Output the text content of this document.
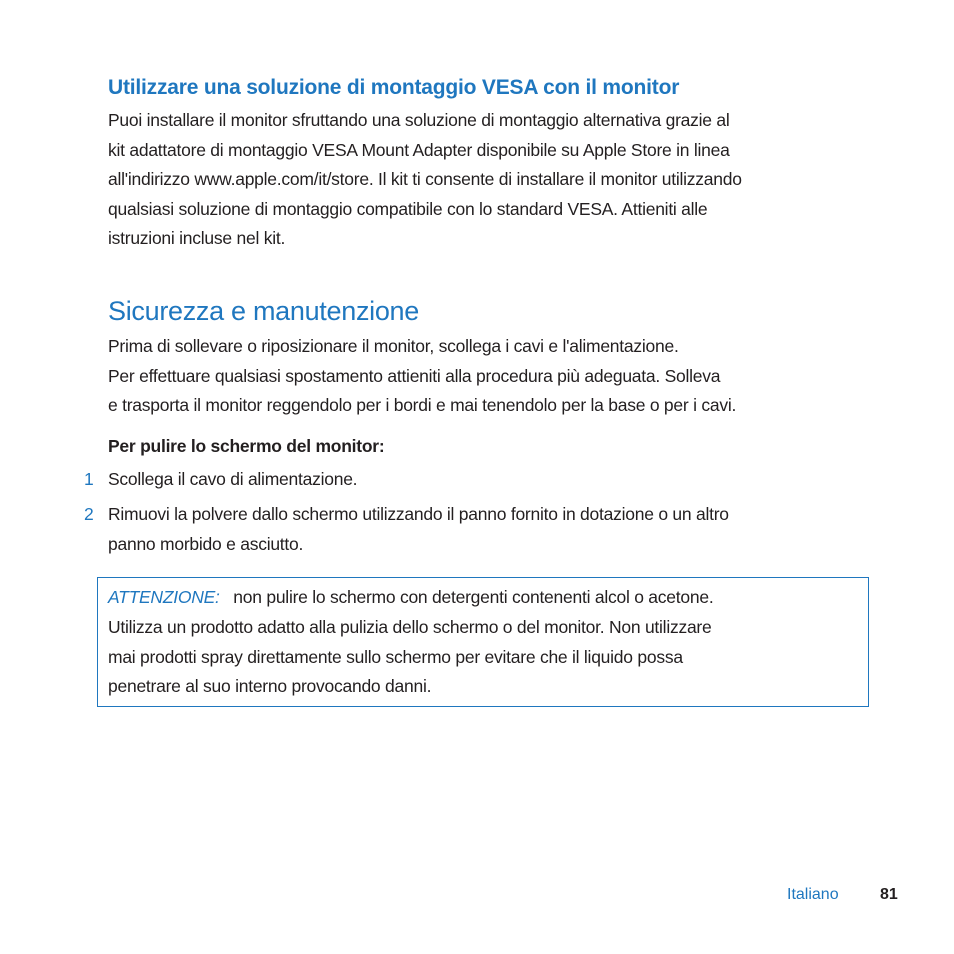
Utilizzare una soluzione di montaggio VESA con il monitor

Puoi installare il monitor sfruttando una soluzione di montaggio alternativa grazie al
kit adattatore di montaggio VESA Mount Adapter disponibile su Apple Store in linea
all'indirizzo www.apple.com/it/store. Il kit ti consente di installare il monitor utilizzando
qualsiasi soluzione di montaggio compatibile con lo standard VESA. Attieniti alle
istruzioni incluse nel kit.

Sicurezza e manutenzione

Prima di sollevare o riposizionare il monitor, scollega i cavi e l'alimentazione.
Per effettuare qualsiasi spostamento attieniti alla procedura più adeguata. Solleva
e trasporta il monitor reggendolo per i bordi e mai tenendolo per la base o per i cavi.

Per pulire lo schermo del monitor:

1 Scollega il cavo di alimentazione.
2 Rimuovi la polvere dallo schermo utilizzando il panno fornito in dotazione o un altro
panno morbido e asciutto.
ATTENZIONE: non pulire lo schermo con detergenti contenenti alcol o acetone.
Utilizza un prodotto adatto alla pulizia dello schermo o del monitor. Non utilizzare
mai prodotti spray direttamente sullo schermo per evitare che il liquido possa
penetrare al suo interno provocando danni.
Italiano	81
